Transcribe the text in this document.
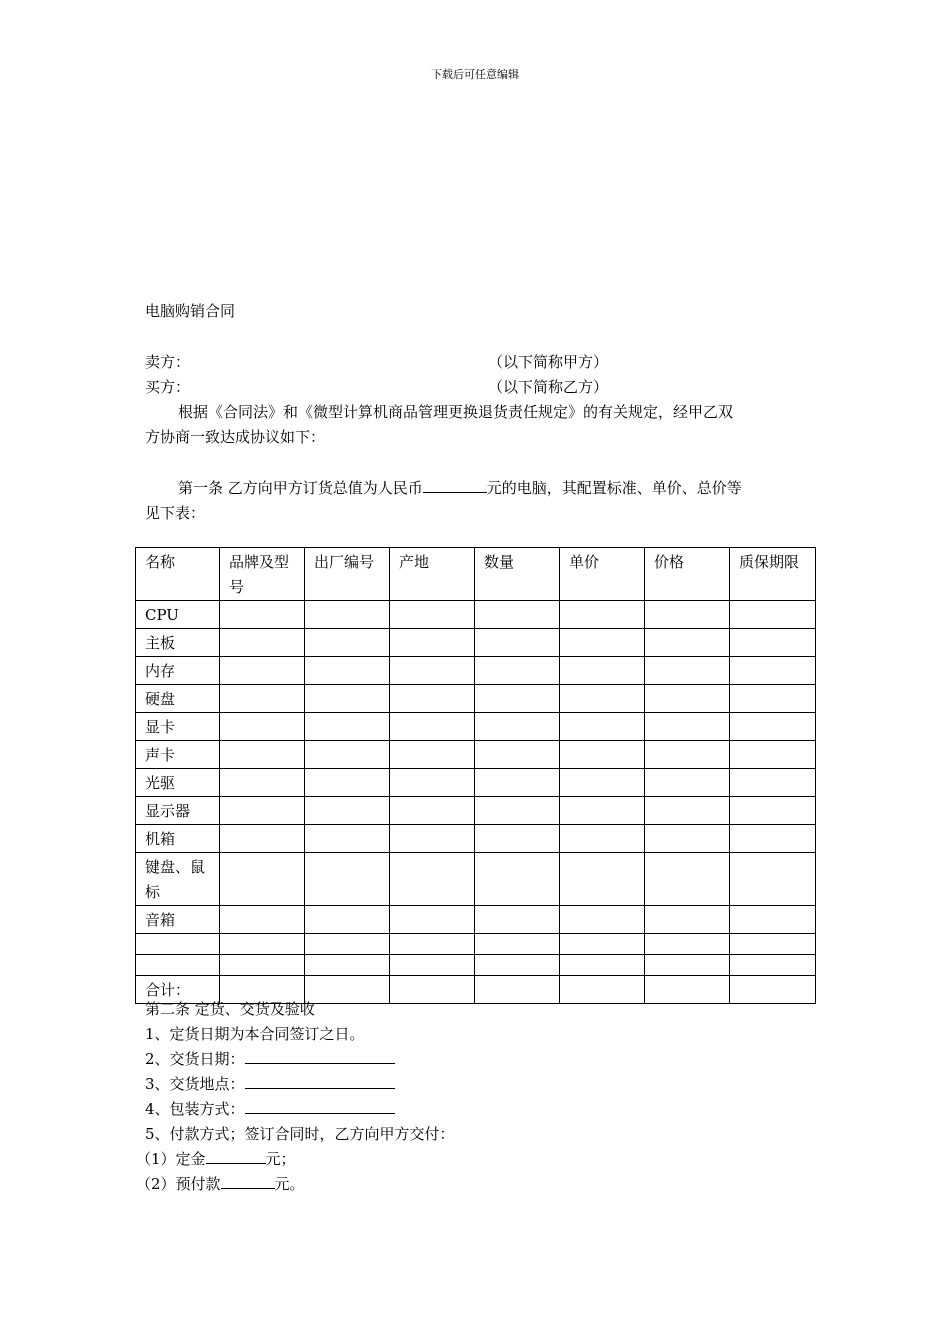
下载后可任意编辑
电脑购销合同
卖方：	（以下简称甲方）
买方：	（以下简称乙方）
根据《合同法》和《微型计算机商品管理更换退货责任规定》的有关规定，经甲乙双
方协商一致达成协议如下：
第一条 乙方向甲方订货总值为人民币	元的电脑，其配置标准、单价、总价等
见下表：
名称	品牌及型号	出厂编号	产地	数量	单价	价格	质保期限
CPU							
主板							
内存							
硬盘							
显卡							
声卡							
光驱							
显示器							
机箱							
键盘、鼠标							
音箱							

合计：							
第二条 定货、交货及验收
1、定货日期为本合同签订之日。
2、交货日期：
3、交货地点：
4、包装方式：
5、付款方式；签订合同时，乙方向甲方交付：
（1）定金	元；
（2）预付款	元。
